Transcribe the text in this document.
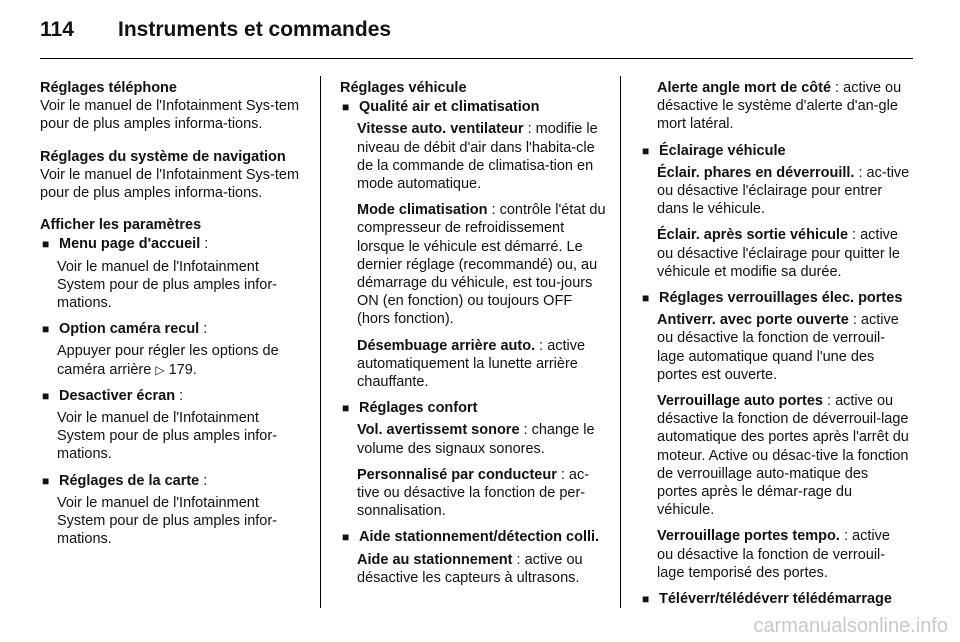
114 Instruments et commandes
Réglages téléphone
Voir le manuel de l'Infotainment Sys-tem pour de plus amples informa-tions.
Réglages du système de navigation
Voir le manuel de l'Infotainment Sys-tem pour de plus amples informa-tions.
Afficher les paramètres
■ Menu page d'accueil :

Voir le manuel de l'Infotainment System pour de plus amples infor-mations.

■ Option caméra recul :

Appuyer pour régler les options de caméra arrière ▷ 179.

■ Desactiver écran :

Voir le manuel de l'Infotainment System pour de plus amples infor-mations.

■ Réglages de la carte :

Voir le manuel de l'Infotainment System pour de plus amples infor-mations.

Réglages véhicule
■ Qualité air et climatisation

Vitesse auto. ventilateur : modifie le niveau de débit d'air dans l'habita-cle de la commande de climatisa-tion en mode automatique.

Mode climatisation : contrôle l'état du compresseur de refroidissement lorsque le véhicule est démarré. Le dernier réglage (recommandé) ou, au démarrage du véhicule, est tou-jours ON (en fonction) ou toujours OFF (hors fonction).

Désembuage arrière auto. : active automatiquement la lunette arrière chauffante.

■ Réglages confort

Vol. avertissemt sonore : change le volume des signaux sonores.

Personnalisé par conducteur : ac-tive ou désactive la fonction de per-sonnalisation.

■ Aide stationnement/détection colli.

Aide au stationnement : active ou désactive les capteurs à ultrasons.

Alerte angle mort de côté : active ou désactive le système d'alerte d'an-gle mort latéral.

■ Éclairage véhicule

Éclair. phares en déverrouill. : ac-tive ou désactive l'éclairage pour entrer dans le véhicule.

Éclair. après sortie véhicule : active ou désactive l'éclairage pour quitter le véhicule et modifie sa durée.

■ Réglages verrouillages élec. portes

Antiverr. avec porte ouverte : active ou désactive la fonction de verrouil-lage automatique quand l'une des portes est ouverte.

Verrouillage auto portes : active ou désactive la fonction de déverrouil-lage automatique des portes après l'arrêt du moteur. Active ou désac-tive la fonction de verrouillage auto-matique des portes après le démar-rage du véhicule.

Verrouillage portes tempo. : active ou désactive la fonction de verrouil-lage temporisé des portes.

■ Téléverr/télédéverr télédémarrage
carmanualsonline.info
